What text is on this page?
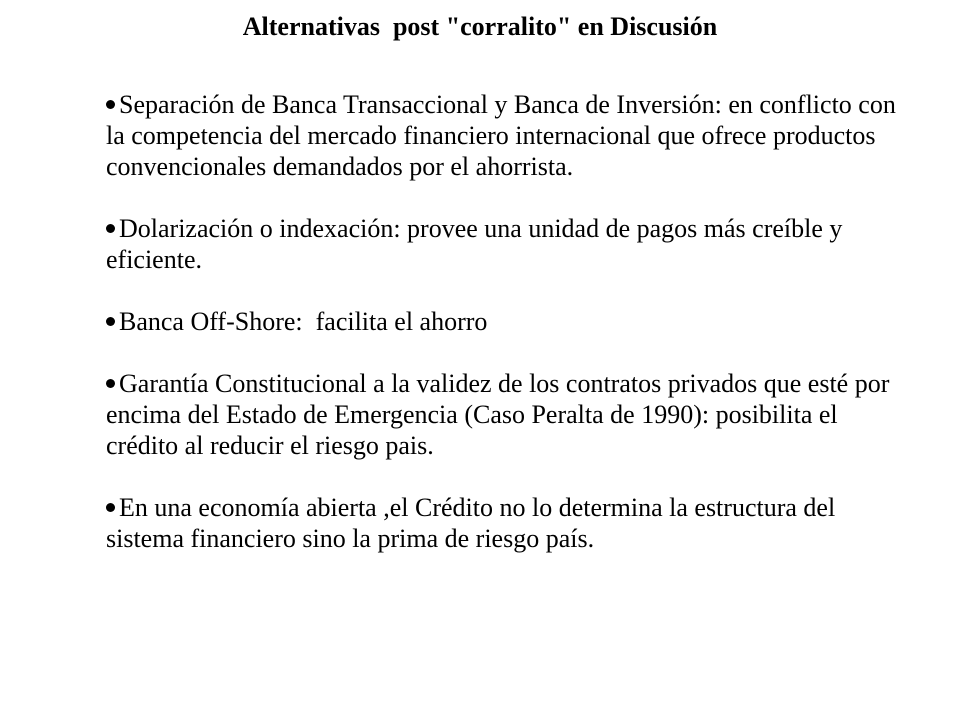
Alternativas  post "corralito" en Discusión

Separación de Banca Transaccional y Banca de Inversión: en conflicto con la competencia del mercado financiero internacional que ofrece productos convencionales demandados por el ahorrista.

Dolarización o indexación: provee una unidad de pagos más creíble y eficiente.

Banca Off-Shore:  facilita el ahorro

Garantía Constitucional a la validez de los contratos privados que esté por encima del Estado de Emergencia (Caso Peralta de 1990): posibilita el crédito al reducir el riesgo pais.

En una economía abierta ,el Crédito no lo determina la estructura del sistema financiero sino la prima de riesgo país.
